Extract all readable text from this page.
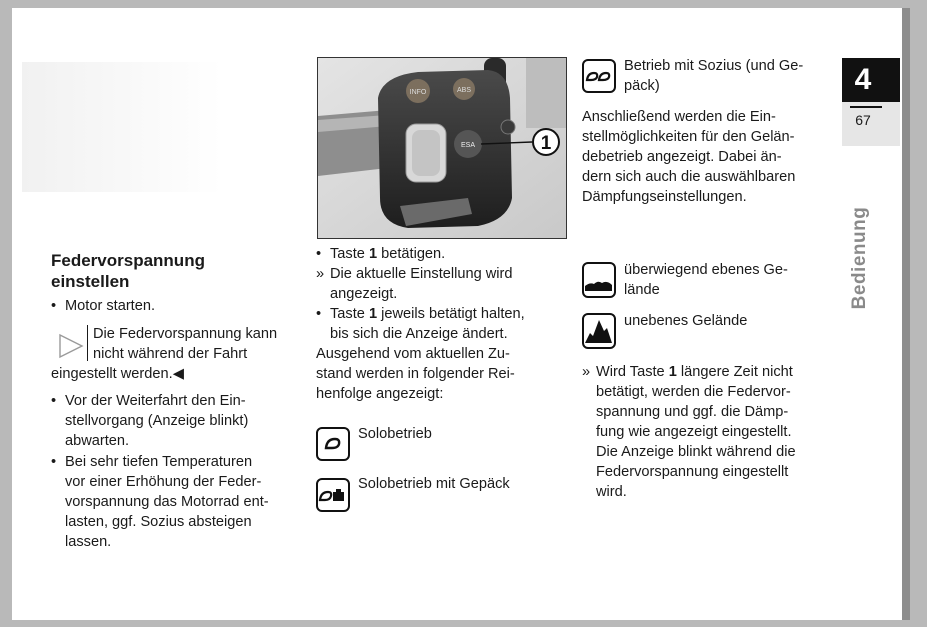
Federvorspannung
einstellen
• Motor starten.
Die Federvorspannung kann
nicht während der Fahrt
eingestellt werden.◀
• Vor der Weiterfahrt den Ein-
stellvorgang (Anzeige blinkt)
abwarten.
• Bei sehr tiefen Temperaturen
vor einer Erhöhung der Feder-
vorspannung das Motorrad ent-
lasten, ggf. Sozius absteigen
lassen.
INFO	ABS
ESA	1
• Taste 1 betätigen.
» Die aktuelle Einstellung wird
angezeigt.
• Taste 1 jeweils betätigt halten,
bis sich die Anzeige ändert.
Ausgehend vom aktuellen Zu-
stand werden in folgender Rei-
henfolge angezeigt:
Solobetrieb
Solobetrieb mit Gepäck
Betrieb mit Sozius (und Ge-
päck)
Anschließend werden die Ein-
stellmöglichkeiten für den Gelän-
debetrieb angezeigt. Dabei än-
dern sich auch die auswählbaren
Dämpfungseinstellungen.
überwiegend ebenes Ge-
lände
unebenes Gelände
» Wird Taste 1 längere Zeit nicht
betätigt, werden die Federvor-
spannung und ggf. die Dämp-
fung wie angezeigt eingestellt.
Die Anzeige blinkt während die
Federvorspannung eingestellt
wird.
4
67
Bedienung
